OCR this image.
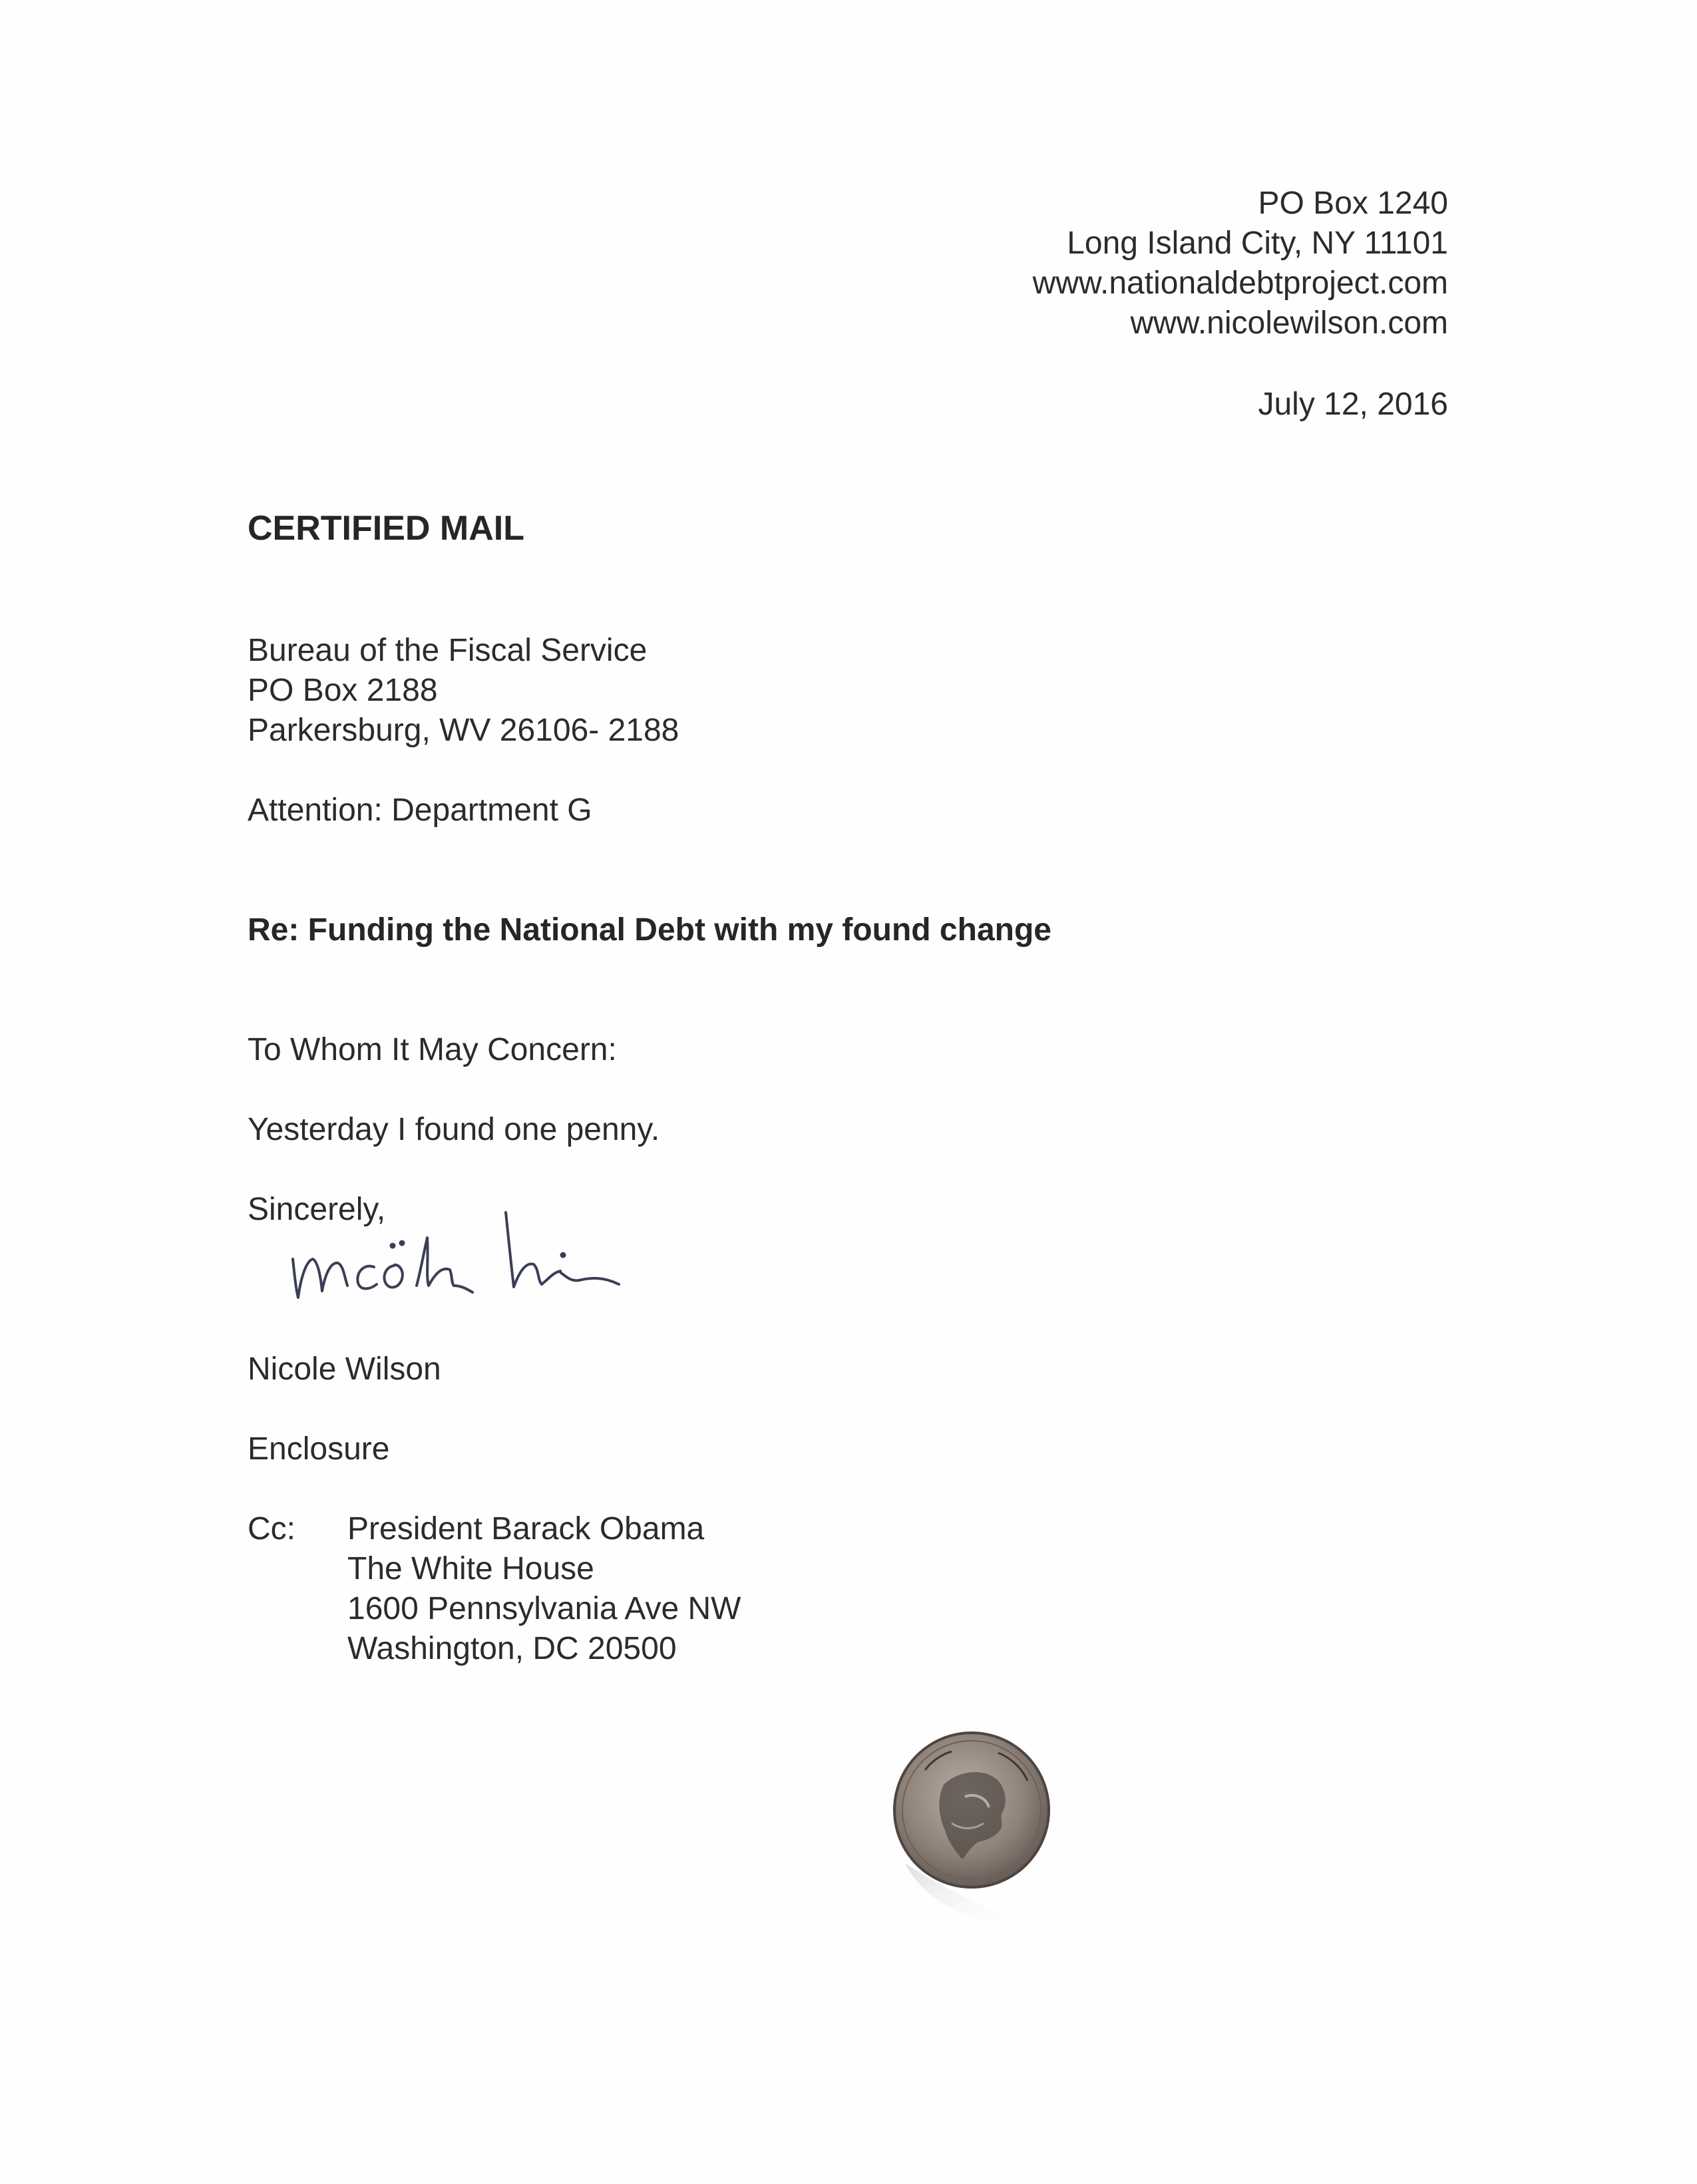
PO Box 1240
Long Island City, NY 11101
www.nationaldebtproject.com
www.nicolewilson.com
July 12, 2016
CERTIFIED MAIL
Bureau of the Fiscal Service
PO Box 2188
Parkersburg, WV 26106- 2188
Attention: Department G
Re: Funding the National Debt with my found change
To Whom It May Concern:
Yesterday I found one penny.
Sincerely,
Nicole Wilson
Enclosure
Cc: President Barack Obama
The White House
1600 Pennsylvania Ave NW
Washington, DC 20500
